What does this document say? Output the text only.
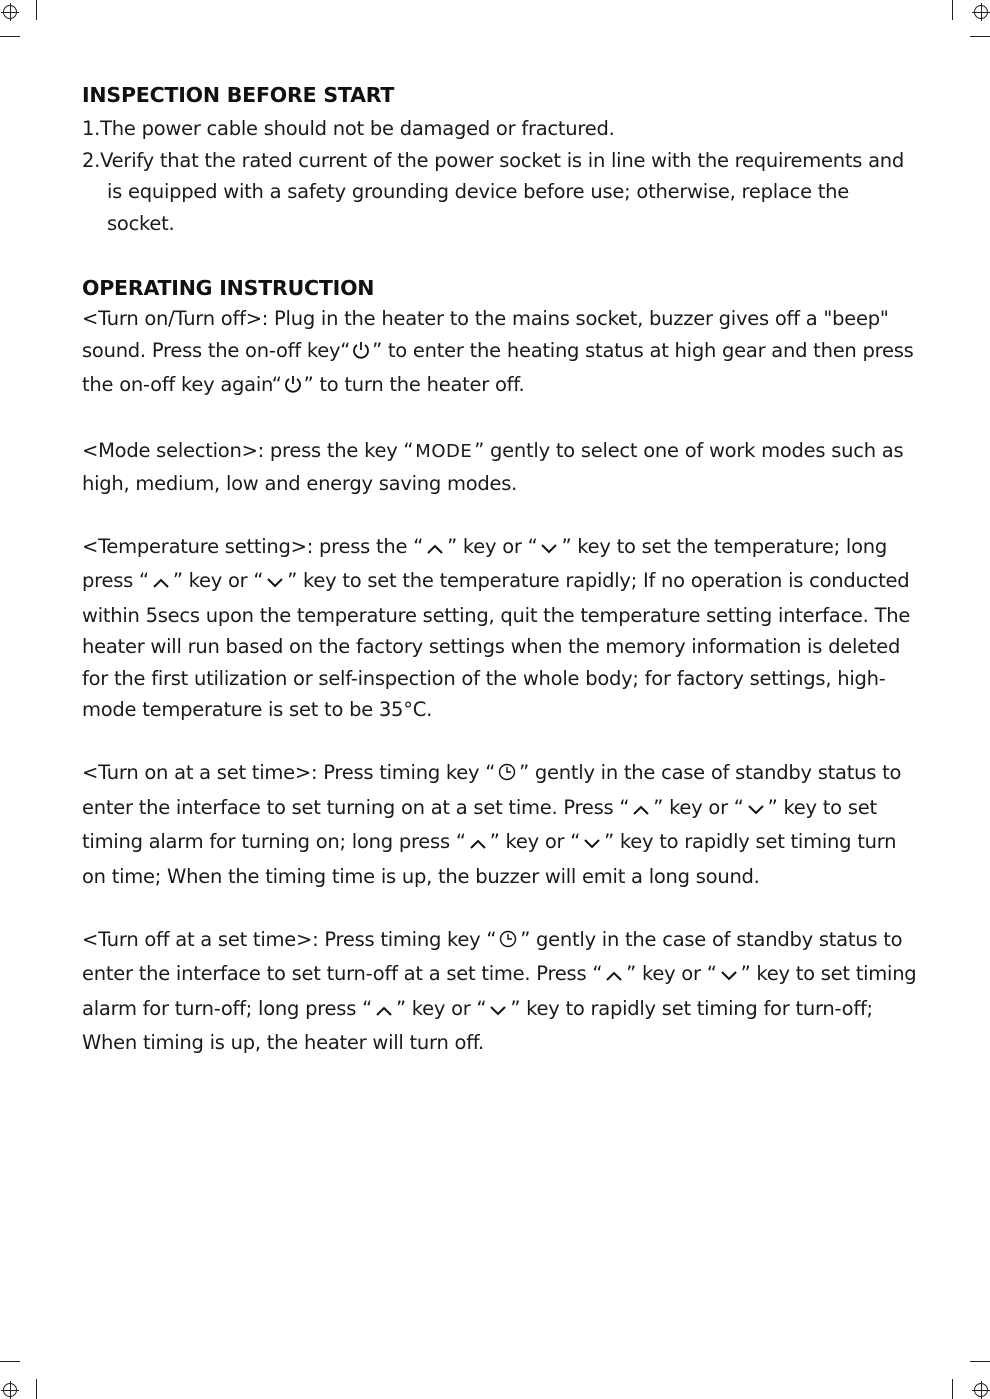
INSPECTION BEFORE START
1.The power cable should not be damaged or fractured.
2.Verify that the rated current of the power socket is in line with the requirements and is equipped with a safety grounding device before use; otherwise, replace the socket.
OPERATING INSTRUCTION

<Turn on/Turn off>: Plug in the heater to the mains socket, buzzer gives off a "beep" sound. Press the on-off key“ ” to enter the heating status at high gear and then press the on-off key again“ ” to turn the heater off.

<Mode selection>: press the key “ MODE ” gently to select one of work modes such as high, medium, low and energy saving modes.

<Temperature setting>: press the “ ” key or “ ” key to set the temperature; long press “ ” key or “ ” key to set the temperature rapidly; If no operation is conducted within 5secs upon the temperature setting, quit the temperature setting interface. The heater will run based on the factory settings when the memory information is deleted for the first utilization or self-inspection of the whole body; for factory settings, high-mode temperature is set to be 35°C.

<Turn on at a set time>: Press timing key “ ” gently in the case of standby status to enter the interface to set turning on at a set time. Press “ ” key or “ ” key to set timing alarm for turning on; long press “ ” key or “ ” key to rapidly set timing turn on time; When the timing time is up, the buzzer will emit a long sound.

<Turn off at a set time>: Press timing key “ ” gently in the case of standby status to enter the interface to set turn-off at a set time. Press “ ” key or “ ” key to set timing alarm for turn-off; long press “ ” key or “ ” key to rapidly set timing for turn-off; When timing is up, the heater will turn off.
